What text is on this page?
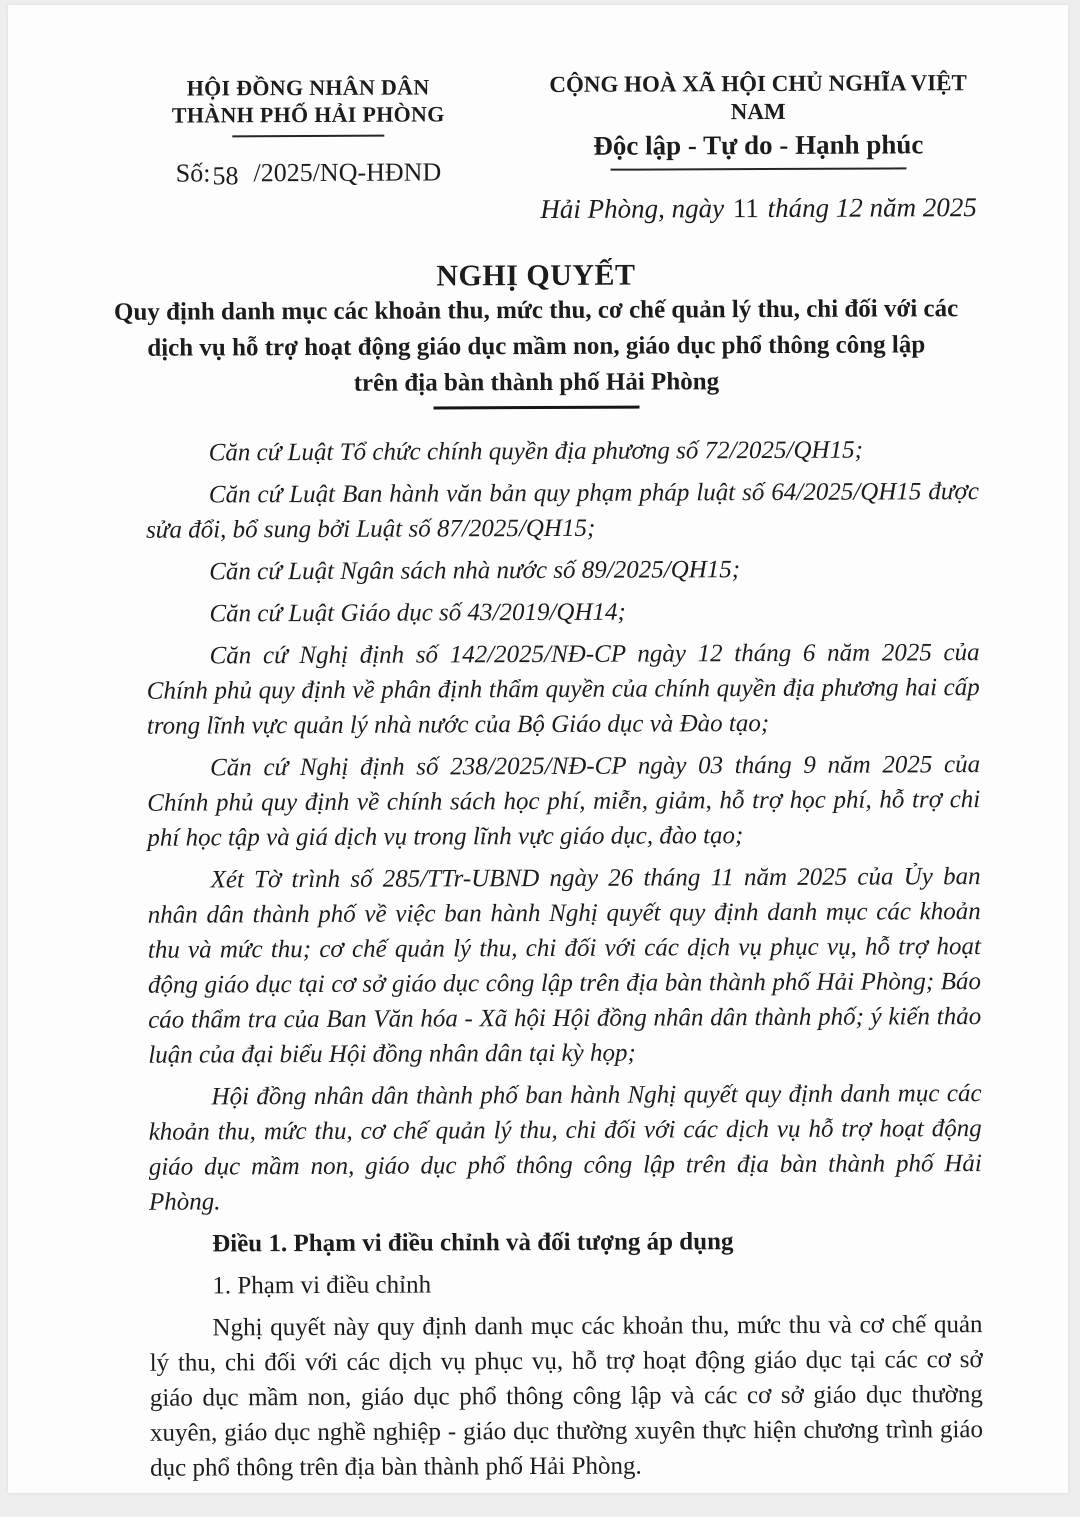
HỘI ĐỒNG NHÂN DÂN
THÀNH PHỐ HẢI PHÒNG
Số:58 /2025/NQ-HĐND
CỘNG HOÀ XÃ HỘI CHỦ NGHĨA VIỆT NAM
Độc lập - Tự do - Hạnh phúc
Hải Phòng, ngày 11 tháng 12 năm 2025
NGHỊ QUYẾT
Quy định danh mục các khoản thu, mức thu, cơ chế quản lý thu, chi đối với các
dịch vụ hỗ trợ hoạt động giáo dục mầm non, giáo dục phổ thông công lập
trên địa bàn thành phố Hải Phòng

Căn cứ Luật Tổ chức chính quyền địa phương số 72/2025/QH15;

Căn cứ Luật Ban hành văn bản quy phạm pháp luật số 64/2025/QH15 được sửa đổi, bổ sung bởi Luật số 87/2025/QH15;

Căn cứ Luật Ngân sách nhà nước số 89/2025/QH15;

Căn cứ Luật Giáo dục số 43/2019/QH14;

Căn cứ Nghị định số 142/2025/NĐ-CP ngày 12 tháng 6 năm 2025 của Chính phủ quy định về phân định thẩm quyền của chính quyền địa phương hai cấp trong lĩnh vực quản lý nhà nước của Bộ Giáo dục và Đào tạo;

Căn cứ Nghị định số 238/2025/NĐ-CP ngày 03 tháng 9 năm 2025 của Chính phủ quy định về chính sách học phí, miễn, giảm, hỗ trợ học phí, hỗ trợ chi phí học tập và giá dịch vụ trong lĩnh vực giáo dục, đào tạo;

Xét Tờ trình số 285/TTr-UBND ngày 26 tháng 11 năm 2025 của Ủy ban nhân dân thành phố về việc ban hành Nghị quyết quy định danh mục các khoản thu và mức thu; cơ chế quản lý thu, chi đối với các dịch vụ phục vụ, hỗ trợ hoạt động giáo dục tại cơ sở giáo dục công lập trên địa bàn thành phố Hải Phòng; Báo cáo thẩm tra của Ban Văn hóa - Xã hội Hội đồng nhân dân thành phố; ý kiến thảo luận của đại biểu Hội đồng nhân dân tại kỳ họp;

Hội đồng nhân dân thành phố ban hành Nghị quyết quy định danh mục các khoản thu, mức thu, cơ chế quản lý thu, chi đối với các dịch vụ hỗ trợ hoạt động giáo dục mầm non, giáo dục phổ thông công lập trên địa bàn thành phố Hải Phòng.

Điều 1. Phạm vi điều chỉnh và đối tượng áp dụng

1. Phạm vi điều chỉnh

Nghị quyết này quy định danh mục các khoản thu, mức thu và cơ chế quản lý thu, chi đối với các dịch vụ phục vụ, hỗ trợ hoạt động giáo dục tại các cơ sở giáo dục mầm non, giáo dục phổ thông công lập và các cơ sở giáo dục thường xuyên, giáo dục nghề nghiệp - giáo dục thường xuyên thực hiện chương trình giáo dục phổ thông trên địa bàn thành phố Hải Phòng.
